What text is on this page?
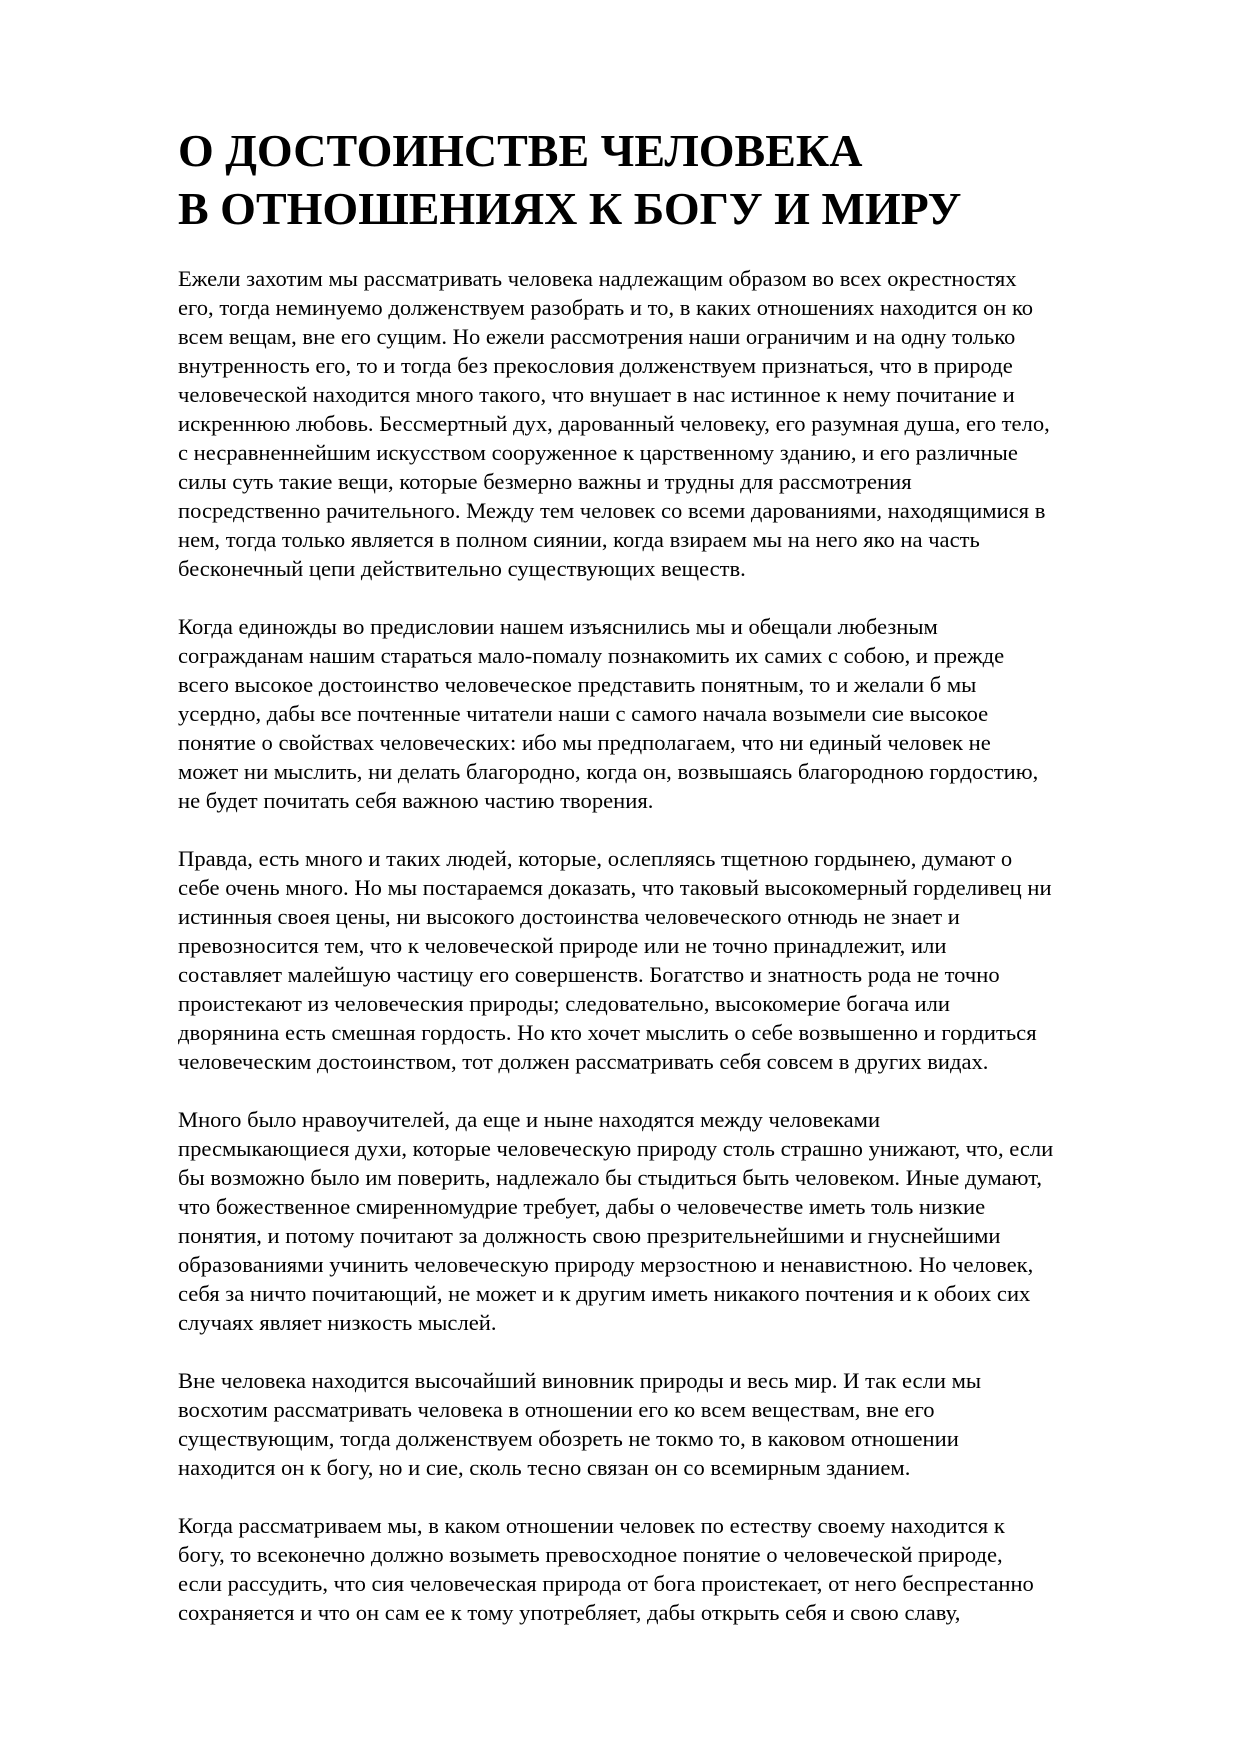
О ДОСТОИНСТВЕ ЧЕЛОВЕКА
В ОТНОШЕНИЯХ К БОГУ И МИРУ

Ежели захотим мы рассматривать человека надлежащим образом во всех окрестностях
его, тогда неминуемо долженствуем разобрать и то, в каких отношениях находится он ко
всем вещам, вне его сущим. Но ежели рассмотрения наши ограничим и на одну только
внутренность его, то и тогда без прекословия долженствуем признаться, что в природе
человеческой находится много такого, что внушает в нас истинное к нему почитание и
искреннюю любовь. Бессмертный дух, дарованный человеку, его разумная душа, его тело,
с несравненнейшим искусством сооруженное к царственному зданию, и его различные
силы суть такие вещи, которые безмерно важны и трудны для рассмотрения
посредственно рачительного. Между тем человек со всеми дарованиями, находящимися в
нем, тогда только является в полном сиянии, когда взираем мы на него яко на часть
бесконечный цепи действительно существующих веществ.

Когда единожды во предисловии нашем изъяснились мы и обещали любезным
согражданам нашим стараться мало-помалу познакомить их самих с собою, и прежде
всего высокое достоинство человеческое представить понятным, то и желали б мы
усердно, дабы все почтенные читатели наши с самого начала возымели сие высокое
понятие о свойствах человеческих: ибо мы предполагаем, что ни единый человек не
может ни мыслить, ни делать благородно, когда он, возвышаясь благородною гордостию,
не будет почитать себя важною частию творения.

Правда, есть много и таких людей, которые, ослепляясь тщетною гордынею, думают о
себе очень много. Но мы постараемся доказать, что таковый высокомерный горделивец ни
истинныя своея цены, ни высокого достоинства человеческого отнюдь не знает и
превозносится тем, что к человеческой природе или не точно принадлежит, или
составляет малейшую частицу его совершенств. Богатство и знатность рода не точно
проистекают из человеческия природы; следовательно, высокомерие богача или
дворянина есть смешная гордость. Но кто хочет мыслить о себе возвышенно и гордиться
человеческим достоинством, тот должен рассматривать себя совсем в других видах.

Много было нравоучителей, да еще и ныне находятся между человеками
пресмыкающиеся духи, которые человеческую природу столь страшно унижают, что, если
бы возможно было им поверить, надлежало бы стыдиться быть человеком. Иные думают,
что божественное смиренномудрие требует, дабы о человечестве иметь толь низкие
понятия, и потому почитают за должность свою презрительнейшими и гнуснейшими
образованиями учинить человеческую природу мерзостною и ненавистною. Но человек,
себя за ничто почитающий, не может и к другим иметь никакого почтения и к обоих сих
случаях являет низкость мыслей.

Вне человека находится высочайший виновник природы и весь мир. И так если мы
восхотим рассматривать человека в отношении его ко всем веществам, вне его
существующим, тогда долженствуем обозреть не токмо то, в каковом отношении
находится он к богу, но и сие, сколь тесно связан он со всемирным зданием.

Когда рассматриваем мы, в каком отношении человек по естеству своему находится к
богу, то всеконечно должно возыметь превосходное понятие о человеческой природе,
если рассудить, что сия человеческая природа от бога проистекает, от него беспрестанно
сохраняется и что он сам ее к тому употребляет, дабы открыть себя и свою славу,
